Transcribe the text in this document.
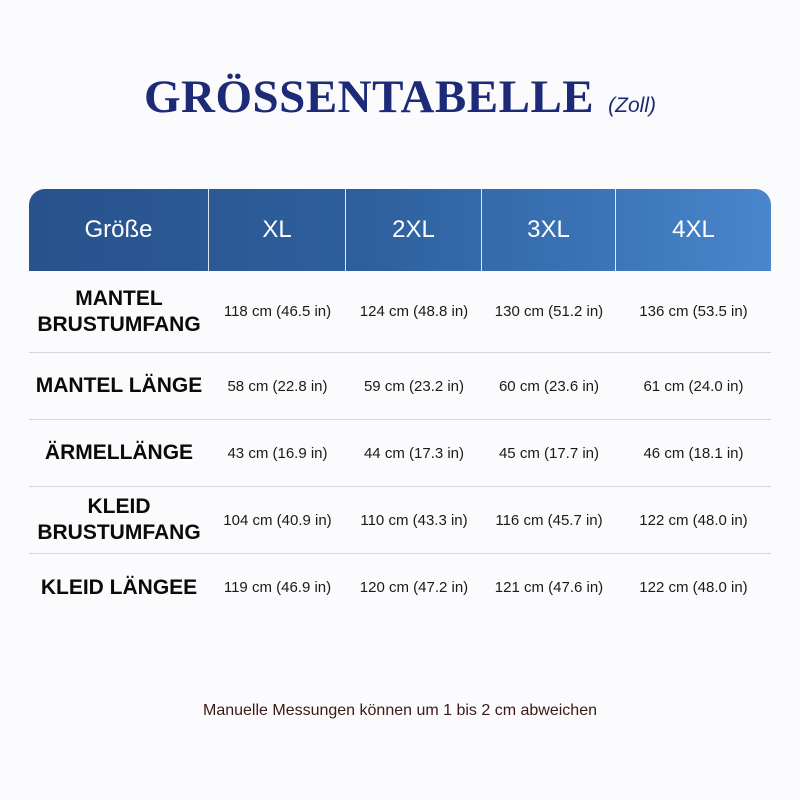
GRÖSSENTABELLE (Zoll)
Größe	XL	2XL	3XL	4XL
MANTEL
BRUSTUMFANG
118 cm (46.5 in)	124 cm (48.8 in)	130 cm (51.2 in)	136 cm (53.5 in)
MANTEL LÄNGE	58 cm (22.8 in)	59 cm (23.2 in)	60 cm (23.6 in)	61 cm (24.0 in)
ÄRMELLÄNGE	43 cm (16.9 in)	44 cm (17.3 in)	45 cm (17.7 in)	46 cm (18.1 in)
KLEID
BRUSTUMFANG
104 cm (40.9 in)	110 cm (43.3 in)	116 cm (45.7 in)	122 cm (48.0 in)
KLEID LÄNGEE	119 cm (46.9 in)	120 cm (47.2 in)	121 cm (47.6 in)	122 cm (48.0 in)
Manuelle Messungen können um 1 bis 2 cm abweichen
